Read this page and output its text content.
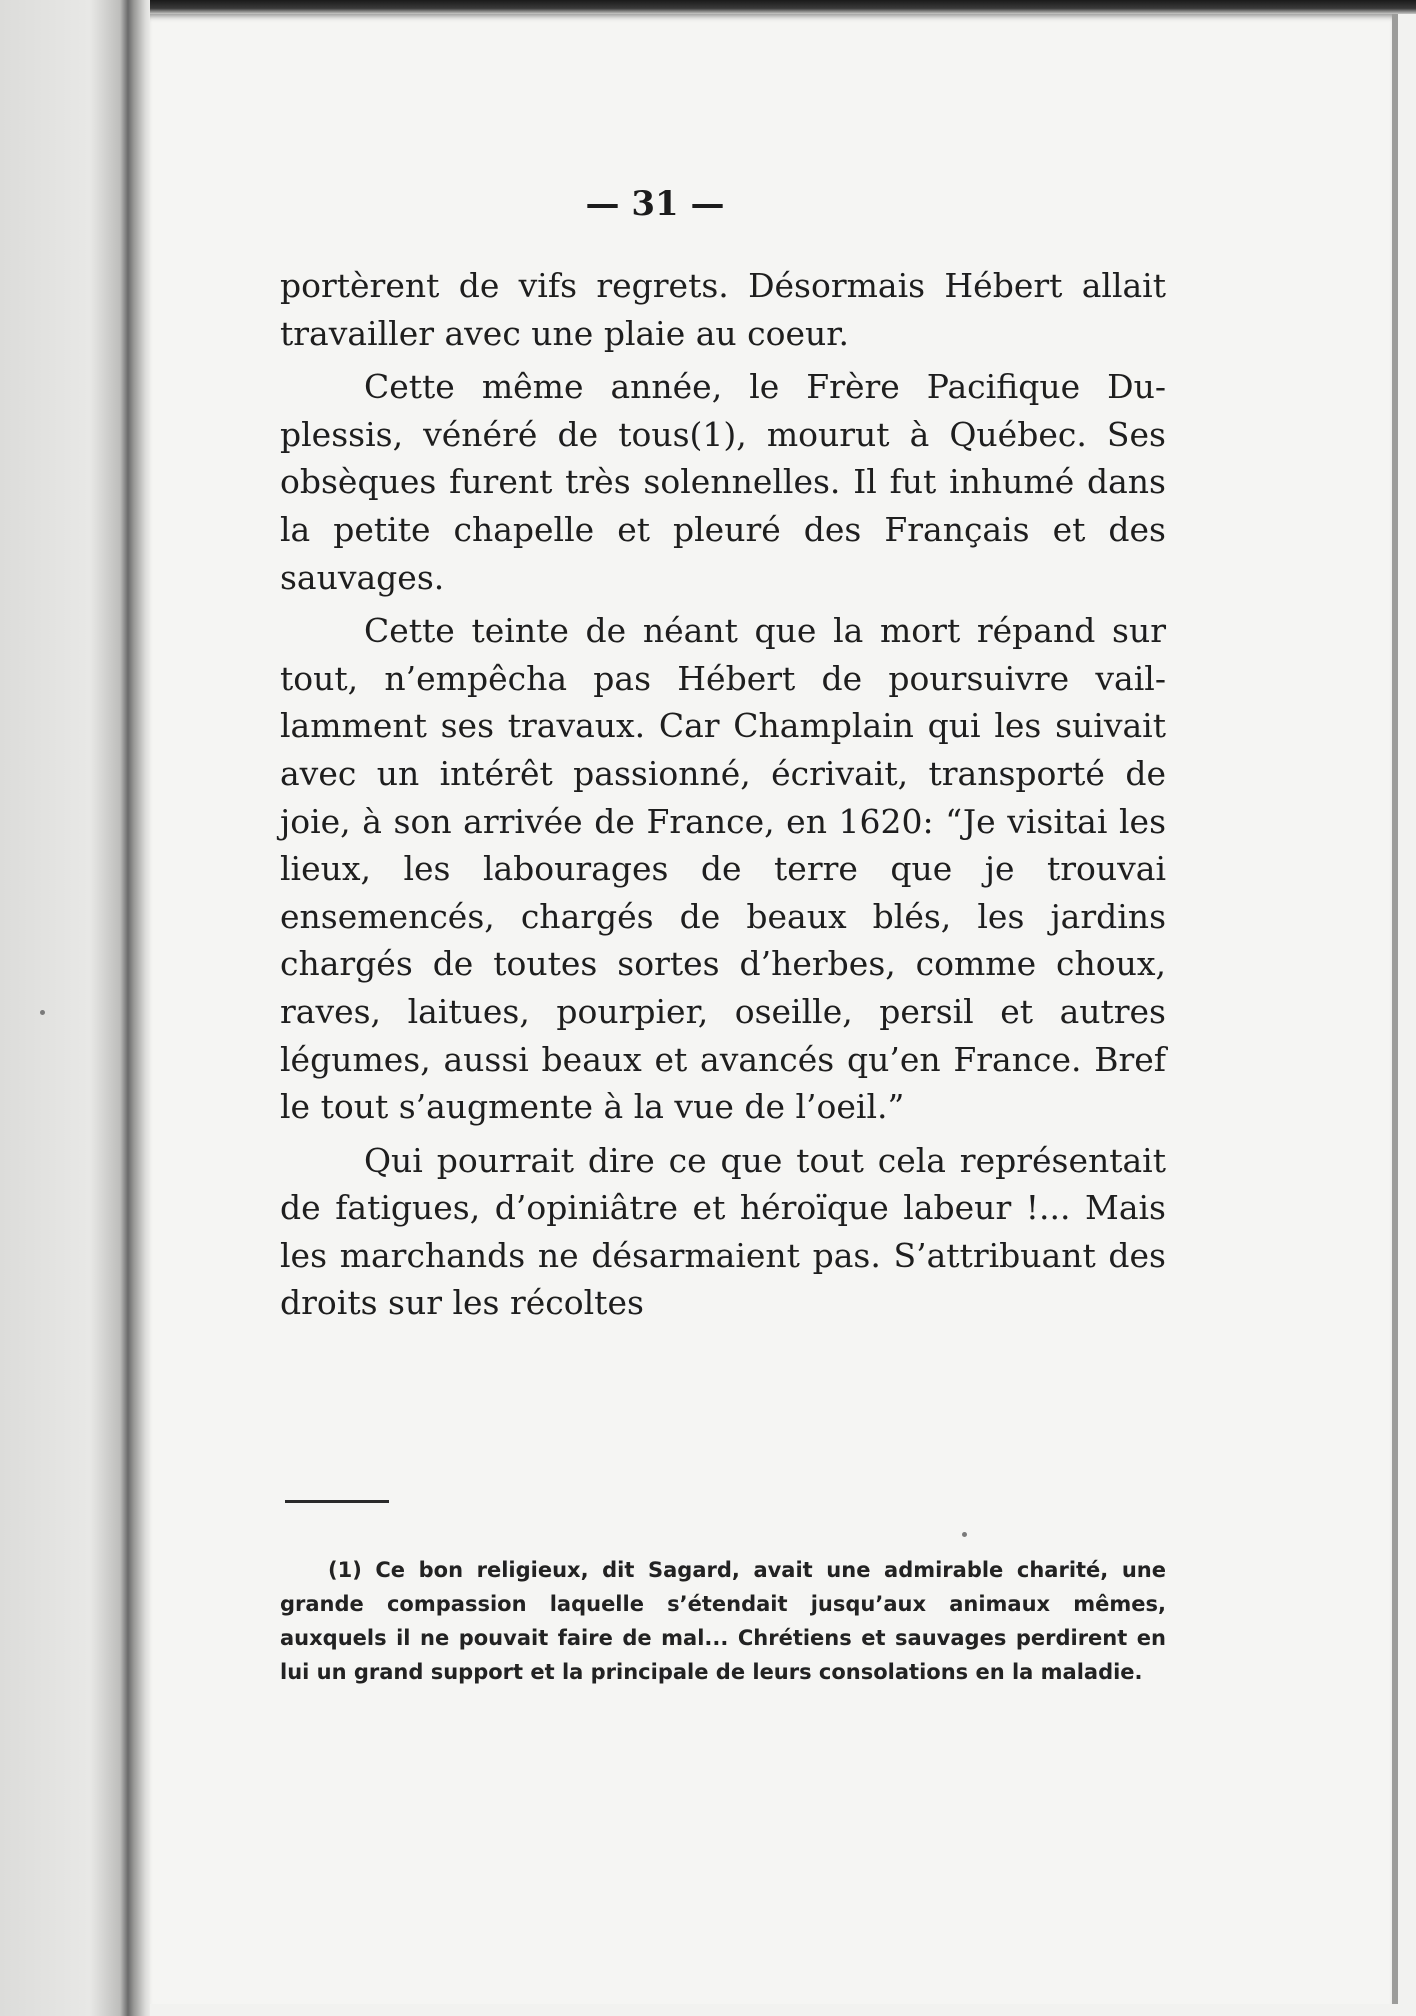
— 31 —

portèrent de vifs regrets. Désormais Hébert allait travailler avec une plaie au coeur.

Cette même année, le Frère Pacifique Duplessis, vénéré de tous(1), mourut à Québec. Ses obsèques furent très solennelles. Il fut inhumé dans la petite chapelle et pleuré des Français et des sauvages.

Cette teinte de néant que la mort répand sur tout, n’empêcha pas Hébert de poursuivre vaillamment ses travaux. Car Champlain qui les suivait avec un intérêt passionné, écrivait, transporté de joie, à son arrivée de France, en 1620: “Je visitai les lieux, les labourages de terre que je trouvai ensemencés, chargés de beaux blés, les jardins chargés de toutes sortes d’herbes, comme choux, raves, laitues, pourpier, oseille, persil et autres légumes, aussi beaux et avancés qu’en France. Bref le tout s’augmente à la vue de l’oeil.”

Qui pourrait dire ce que tout cela représentait de fatigues, d’opiniâtre et héroïque labeur !... Mais les marchands ne désarmaient pas. S’attribuant des droits sur les récoltes

(1) Ce bon religieux, dit Sagard, avait une admirable charité, une grande compassion laquelle s’étendait jusqu’aux animaux mêmes, auxquels il ne pouvait faire de mal... Chrétiens et sauvages perdirent en lui un grand support et la principale de leurs consolations en la maladie.
